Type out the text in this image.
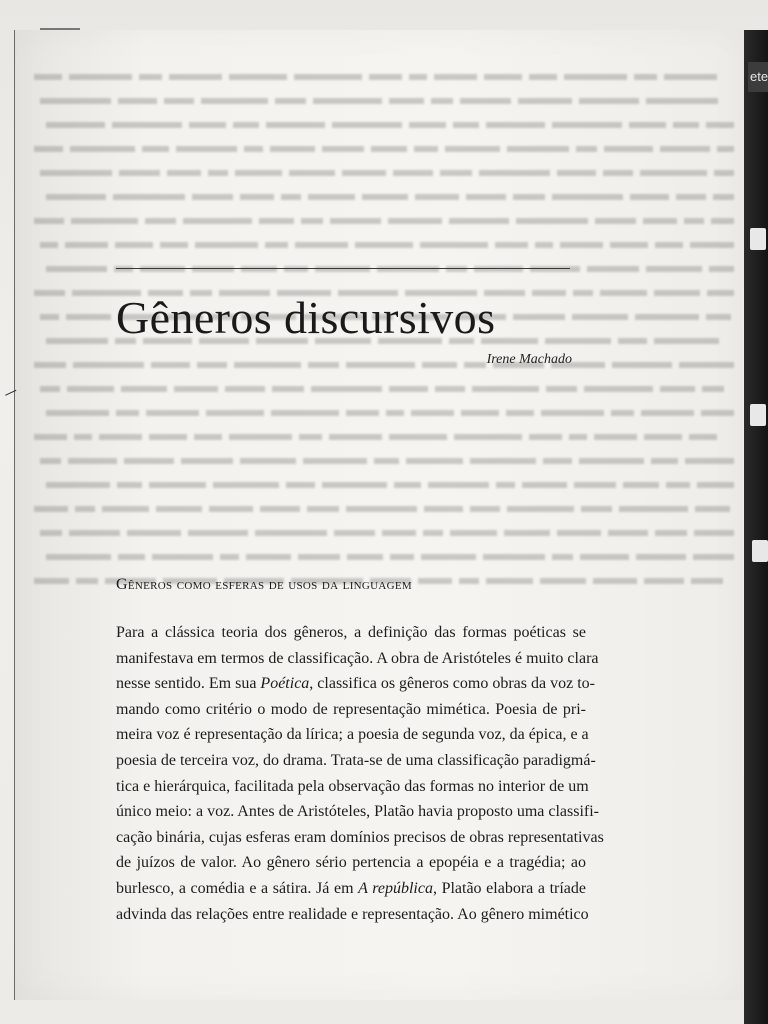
ete
Gêneros discursivos
Irene Machado
Gêneros como esferas de usos da linguagem
Para a clássica teoria dos gêneros, a definição das formas poéticas se
manifestava em termos de classificação. A obra de Aristóteles é muito clara
nesse sentido. Em sua Poética, classifica os gêneros como obras da voz to-
mando como critério o modo de representação mimética. Poesia de pri-
meira voz é representação da lírica; a poesia de segunda voz, da épica, e a
poesia de terceira voz, do drama. Trata-se de uma classificação paradigmá-
tica e hierárquica, facilitada pela observação das formas no interior de um
único meio: a voz. Antes de Aristóteles, Platão havia proposto uma classifi-
cação binária, cujas esferas eram domínios precisos de obras representativas
de juízos de valor. Ao gênero sério pertencia a epopéia e a tragédia; ao
burlesco, a comédia e a sátira. Já em A república, Platão elabora a tríade
advinda das relações entre realidade e representação. Ao gênero mimético
